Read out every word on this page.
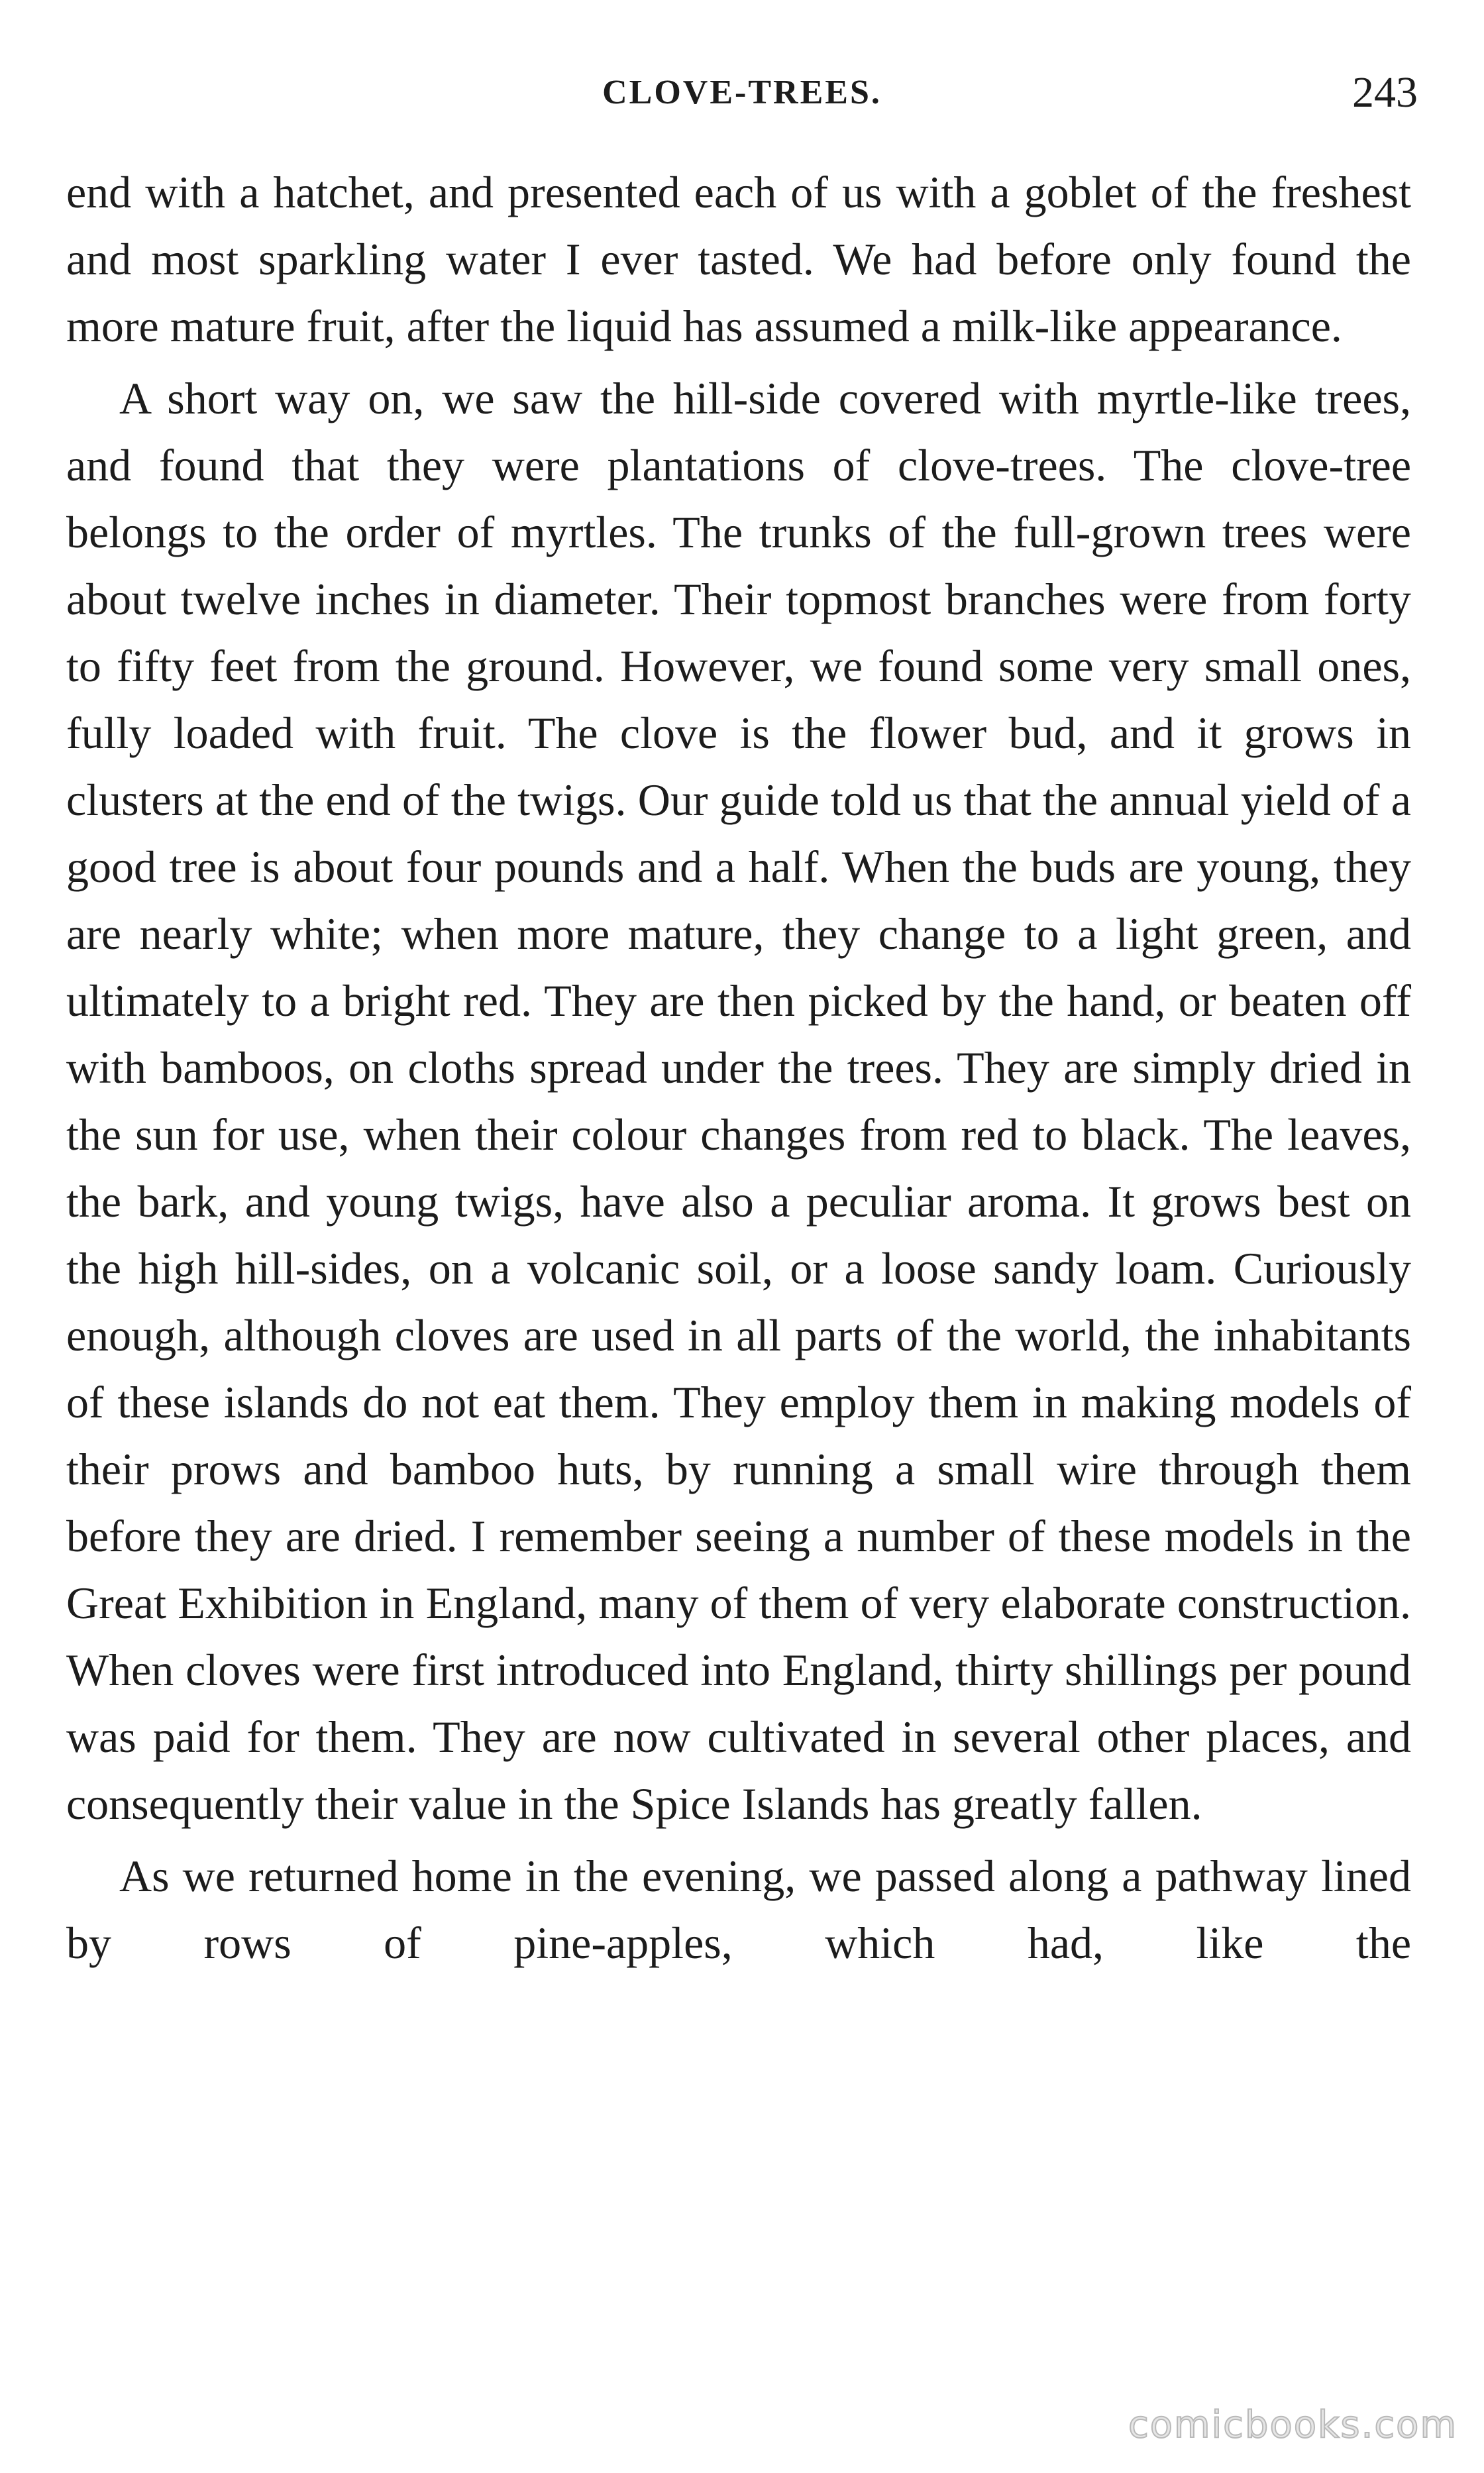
CLOVE-TREES.	243

end with a hatchet, and presented each of us with a goblet of the freshest and most sparkling water I ever tasted. We had before only found the more mature fruit, after the liquid has assumed a milk-like appearance.

A short way on, we saw the hill-side covered with myrtle-like trees, and found that they were plantations of clove-trees. The clove-tree belongs to the order of myrtles. The trunks of the full-grown trees were about twelve inches in diameter. Their topmost branches were from forty to fifty feet from the ground. However, we found some very small ones, fully loaded with fruit. The clove is the flower bud, and it grows in clusters at the end of the twigs. Our guide told us that the annual yield of a good tree is about four pounds and a half. When the buds are young, they are nearly white; when more mature, they change to a light green, and ultimately to a bright red. They are then picked by the hand, or beaten off with bamboos, on cloths spread under the trees. They are simply dried in the sun for use, when their colour changes from red to black. The leaves, the bark, and young twigs, have also a peculiar aroma. It grows best on the high hill-sides, on a volcanic soil, or a loose sandy loam. Curiously enough, although cloves are used in all parts of the world, the inhabitants of these islands do not eat them. They employ them in making models of their prows and bamboo huts, by running a small wire through them before they are dried. I remember seeing a number of these models in the Great Exhibition in England, many of them of very elaborate construction. When cloves were first introduced into England, thirty shillings per pound was paid for them. They are now cultivated in several other places, and consequently their value in the Spice Islands has greatly fallen.

As we returned home in the evening, we passed along a pathway lined by rows of pine-apples, which had, like the

comicbooks.com
